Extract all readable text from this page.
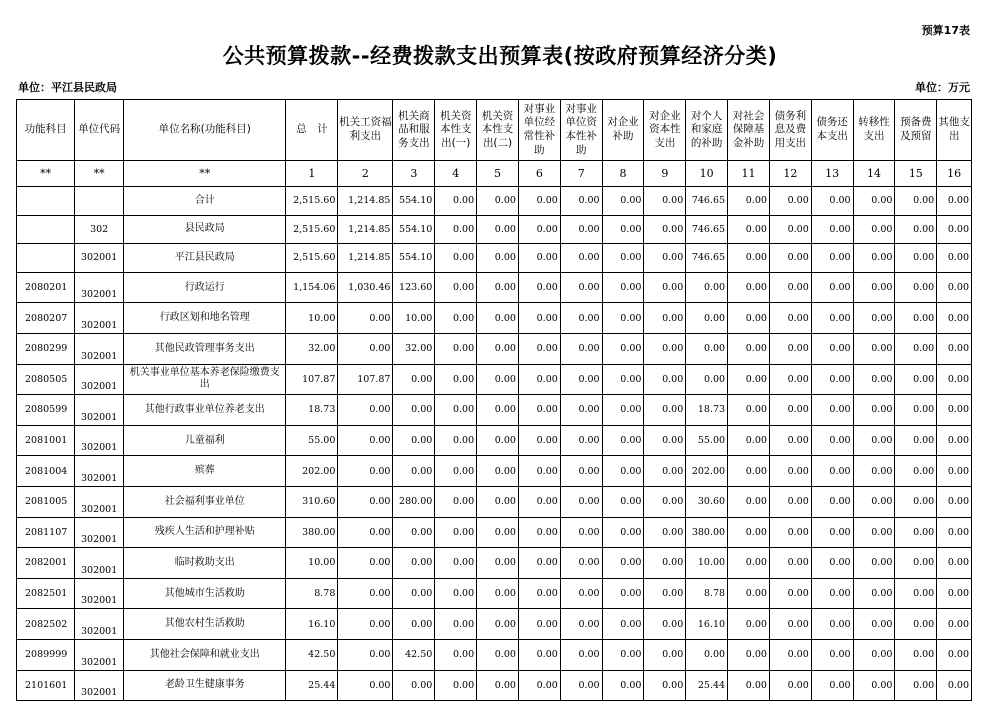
预算17表
公共预算拨款--经费拨款支出预算表(按政府预算经济分类)
单位：平江县民政局	单位：万元
功能科目	单位代码	单位名称(功能科目)	总　计	机关工资福利支出	机关商品和服务支出	机关资本性支出(一)	机关资本性支出(二)	对事业单位经常性补助	对事业单位资本性补助	对企业补助	对企业资本性支出	对个人和家庭的补助	对社会保障基金补助	债务利息及费用支出	债务还本支出	转移性支出	预备费及预留	其他支出
**	**	**	1	2	3	4	5	6	7	8	9	10	11	12	13	14	15	16
		合计	2,515.60	1,214.85	554.10	0.00	0.00	0.00	0.00	0.00	0.00	746.65	0.00	0.00	0.00	0.00	0.00	0.00
	302	县民政局	2,515.60	1,214.85	554.10	0.00	0.00	0.00	0.00	0.00	0.00	746.65	0.00	0.00	0.00	0.00	0.00	0.00
	302001	平江县民政局	2,515.60	1,214.85	554.10	0.00	0.00	0.00	0.00	0.00	0.00	746.65	0.00	0.00	0.00	0.00	0.00	0.00
2080201	302001	行政运行	1,154.06	1,030.46	123.60	0.00	0.00	0.00	0.00	0.00	0.00	0.00	0.00	0.00	0.00	0.00	0.00	0.00
2080207	302001	行政区划和地名管理	10.00	0.00	10.00	0.00	0.00	0.00	0.00	0.00	0.00	0.00	0.00	0.00	0.00	0.00	0.00	0.00
2080299	302001	其他民政管理事务支出	32.00	0.00	32.00	0.00	0.00	0.00	0.00	0.00	0.00	0.00	0.00	0.00	0.00	0.00	0.00	0.00
2080505	302001	机关事业单位基本养老保险缴费支出	107.87	107.87	0.00	0.00	0.00	0.00	0.00	0.00	0.00	0.00	0.00	0.00	0.00	0.00	0.00	0.00
2080599	302001	其他行政事业单位养老支出	18.73	0.00	0.00	0.00	0.00	0.00	0.00	0.00	0.00	18.73	0.00	0.00	0.00	0.00	0.00	0.00
2081001	302001	儿童福利	55.00	0.00	0.00	0.00	0.00	0.00	0.00	0.00	0.00	55.00	0.00	0.00	0.00	0.00	0.00	0.00
2081004	302001	殡葬	202.00	0.00	0.00	0.00	0.00	0.00	0.00	0.00	0.00	202.00	0.00	0.00	0.00	0.00	0.00	0.00
2081005	302001	社会福利事业单位	310.60	0.00	280.00	0.00	0.00	0.00	0.00	0.00	0.00	30.60	0.00	0.00	0.00	0.00	0.00	0.00
2081107	302001	残疾人生活和护理补贴	380.00	0.00	0.00	0.00	0.00	0.00	0.00	0.00	0.00	380.00	0.00	0.00	0.00	0.00	0.00	0.00
2082001	302001	临时救助支出	10.00	0.00	0.00	0.00	0.00	0.00	0.00	0.00	0.00	10.00	0.00	0.00	0.00	0.00	0.00	0.00
2082501	302001	其他城市生活救助	8.78	0.00	0.00	0.00	0.00	0.00	0.00	0.00	0.00	8.78	0.00	0.00	0.00	0.00	0.00	0.00
2082502	302001	其他农村生活救助	16.10	0.00	0.00	0.00	0.00	0.00	0.00	0.00	0.00	16.10	0.00	0.00	0.00	0.00	0.00	0.00
2089999	302001	其他社会保障和就业支出	42.50	0.00	42.50	0.00	0.00	0.00	0.00	0.00	0.00	0.00	0.00	0.00	0.00	0.00	0.00	0.00
2101601	302001	老龄卫生健康事务	25.44	0.00	0.00	0.00	0.00	0.00	0.00	0.00	0.00	25.44	0.00	0.00	0.00	0.00	0.00	0.00
